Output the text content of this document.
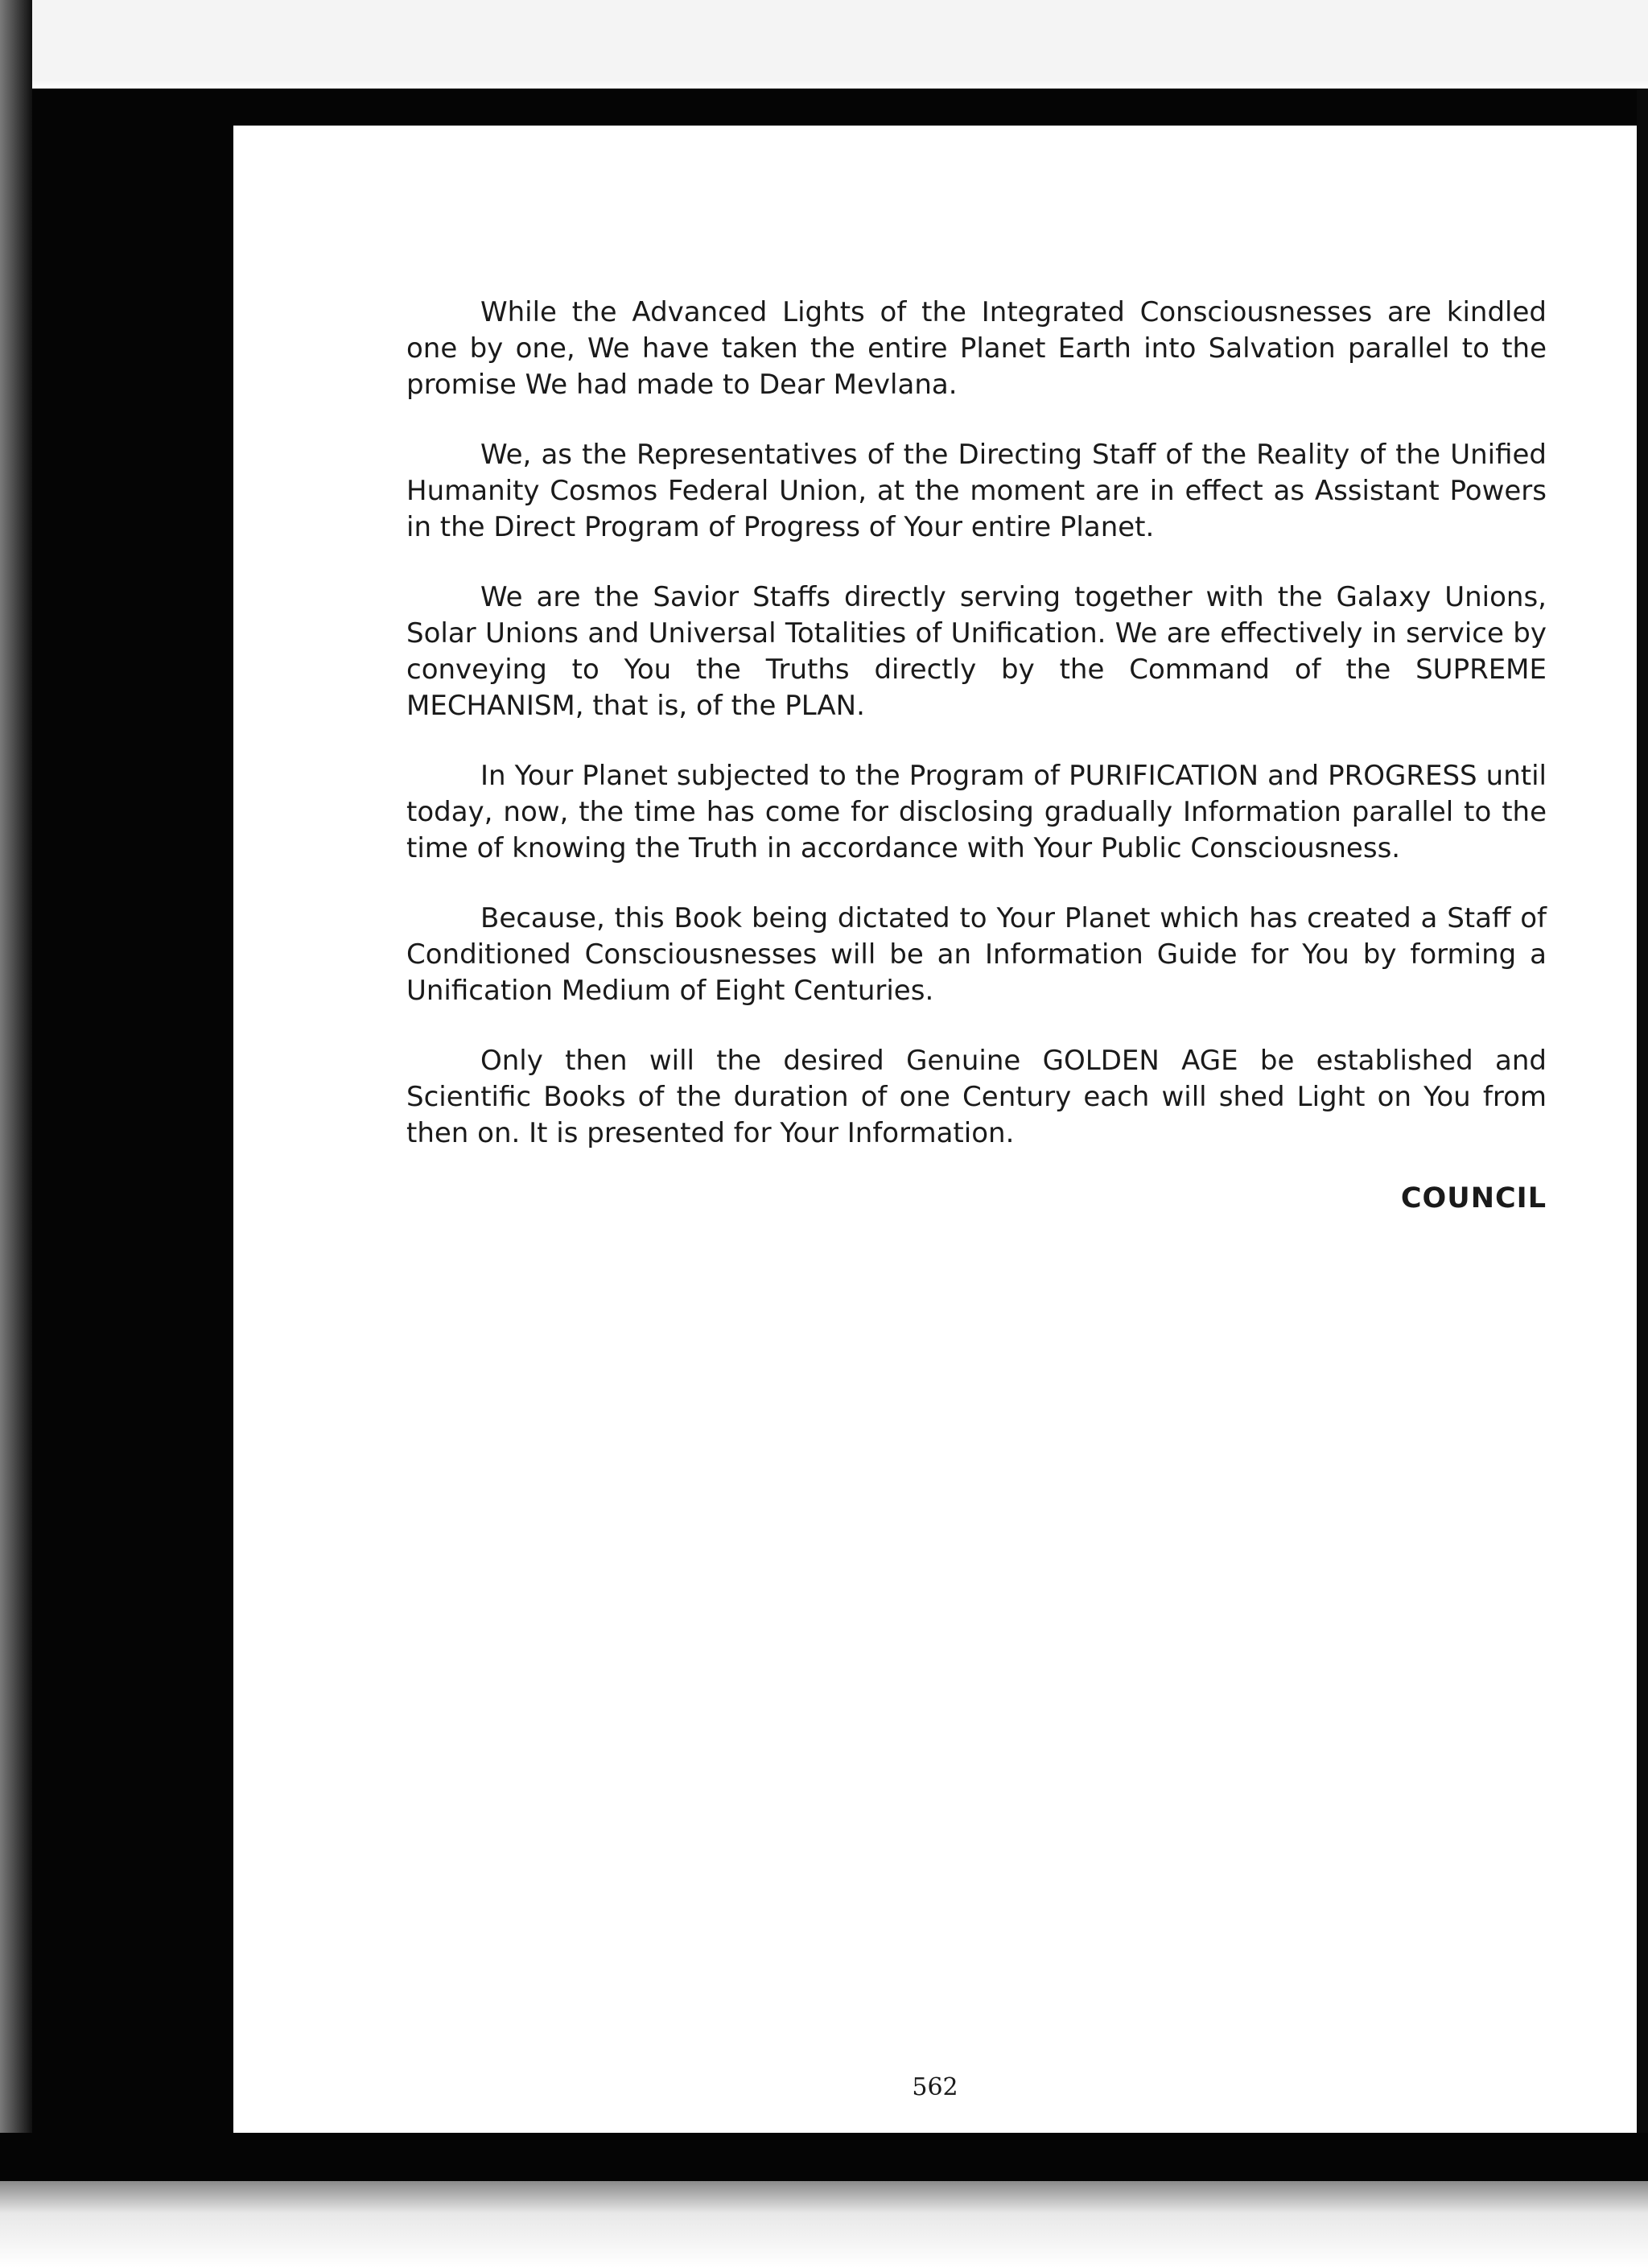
While the Advanced Lights of the Integrated Consciousnesses are kindled one by one, We have taken the entire Planet Earth into Salvation parallel to the promise We had made to Dear Mevlana.

We, as the Representatives of the Directing Staff of the Reality of the Unified Humanity Cosmos Federal Union, at the moment are in effect as Assistant Powers in the Direct Program of Progress of Your entire Planet.

We are the Savior Staffs directly serving together with the Galaxy Unions, Solar Unions and Universal Totalities of Unification. We are effectively in service by conveying to You the Truths directly by the Command of the SUPREME MECHANISM, that is, of the PLAN.

In Your Planet subjected to the Program of PURIFICATION and PROGRESS until today, now, the time has come for disclosing gradually Information parallel to the time of knowing the Truth in accordance with Your Public Consciousness.

Because, this Book being dictated to Your Planet which has created a Staff of Conditioned Consciousnesses will be an Information Guide for You by forming a Unification Medium of Eight Centuries.

Only then will the desired Genuine GOLDEN AGE be established and Scientific Books of the duration of one Century each will shed Light on You from then on. It is presented for Your Information.

COUNCIL
562
